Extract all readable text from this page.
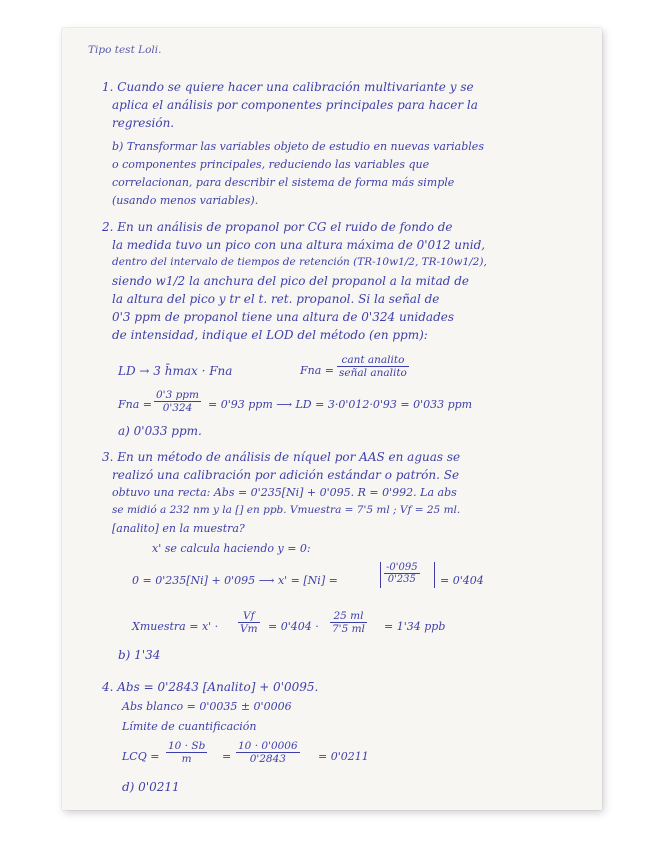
Tipo test Loli.
1. Cuando se quiere hacer una calibración multivariante y se
aplica el análisis por componentes principales para hacer la
regresión.
b) Transformar las variables objeto de estudio en nuevas variables
o componentes principales, reduciendo las variables que
correlacionan, para describir el sistema de forma más simple
(usando menos variables).
2. En un análisis de propanol por CG el ruido de fondo de
la medida tuvo un pico con una altura máxima de 0'012 unid,
dentro del intervalo de tiempos de retención (TR-10w1/2, TR-10w1/2),
siendo w1/2 la anchura del pico del propanol a la mitad de
la altura del pico y tr el t. ret. propanol. Si la señal de
0'3 ppm de propanol tiene una altura de 0'324 unidades
de intensidad, indique el LOD del método (en ppm):
LD → 3 h̄max · Fna	Fna =
cant analito
señal analito
Fna =
0'3 ppm
0'324	= 0'93 ppm ⟶ LD = 3·0'012·0'93 = 0'033 ppm
a) 0'033 ppm.
3. En un método de análisis de níquel por AAS en aguas se
realizó una calibración por adición estándar o patrón. Se
obtuvo una recta: Abs = 0'235[Ni] + 0'095. R = 0'992. La abs
se midió a 232 nm y la [] en ppb. Vmuestra = 7'5 ml ; Vf = 25 ml.
[analito] en la muestra?
x' se calcula haciendo y = 0:
0 = 0'235[Ni] + 0'095 ⟶ x' = [Ni] =
-0'095
0'235	= 0'404
Xmuestra = $x' \cdot \frac{Vf}{Vm} = 0'404 \cdot \frac{25 ml}{7'5 ml} = 1'34$ ppb
b) 1'34
4. Abs = 0'2843 [Analito] + 0'0095.
Abs blanco = 0'0035 ± 0'0006
Límite de cuantificación
LCQ = $\frac{10 \cdot Sb}{m} = \frac{10 \cdot 0'0006}{0'2843} = 0'0211$
d) 0'0211
